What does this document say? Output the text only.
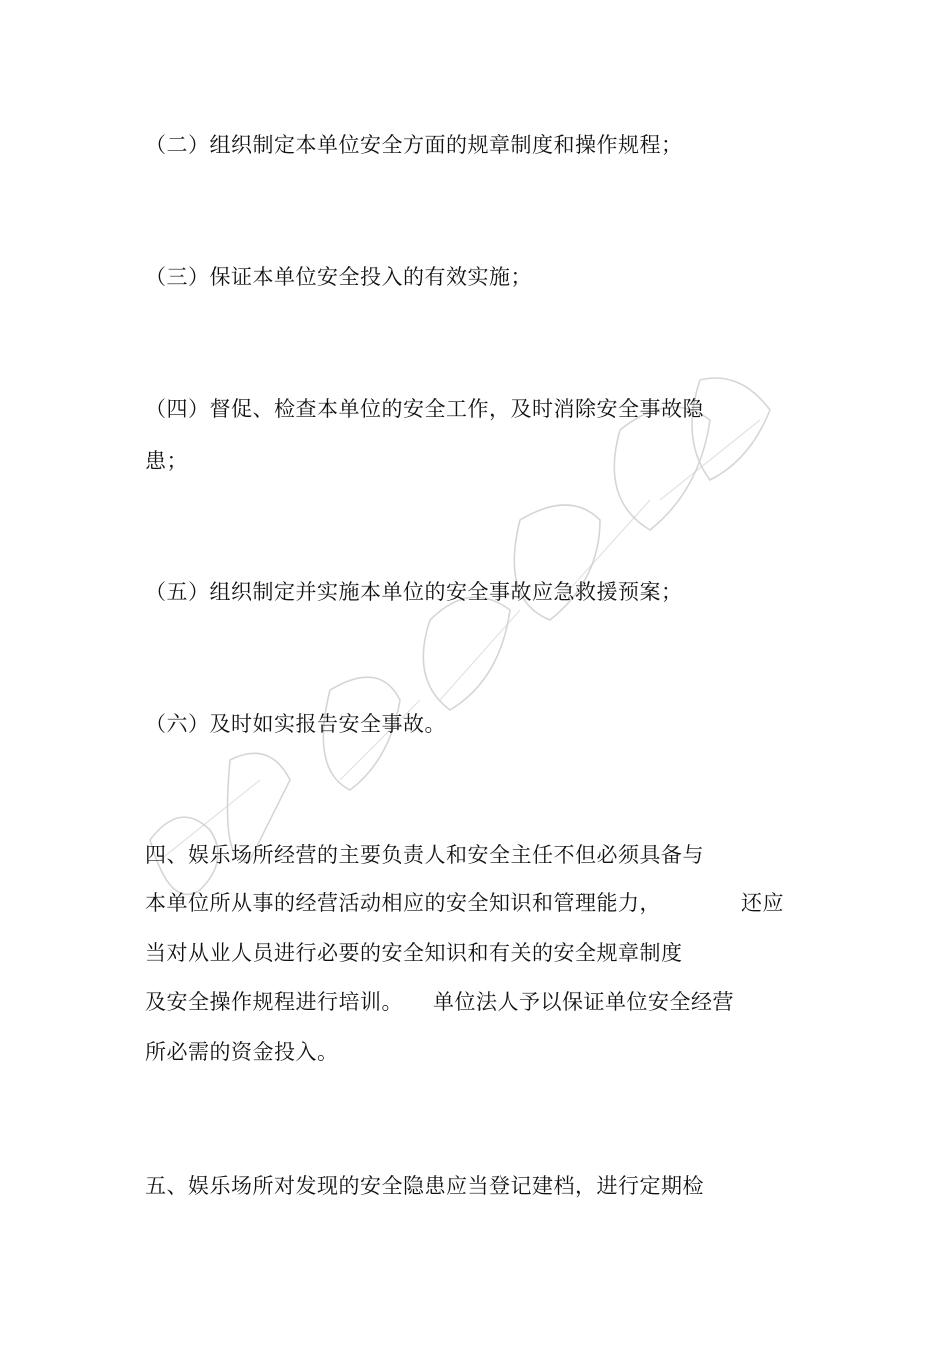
（二）组织制定本单位安全方面的规章制度和操作规程；
（三）保证本单位安全投入的有效实施；
（四）督促、检查本单位的安全工作，及时消除安全事故隐
患；
（五）组织制定并实施本单位的安全事故应急救援预案；
（六）及时如实报告安全事故。
四、娱乐场所经营的主要负责人和安全主任不但必须具备与
本单位所从事的经营活动相应的安全知识和管理能力，	还应
当对从业人员进行必要的安全知识和有关的安全规章制度
及安全操作规程进行培训。 单位法人予以保证单位安全经营
所必需的资金投入。
五、娱乐场所对发现的安全隐患应当登记建档，进行定期检
